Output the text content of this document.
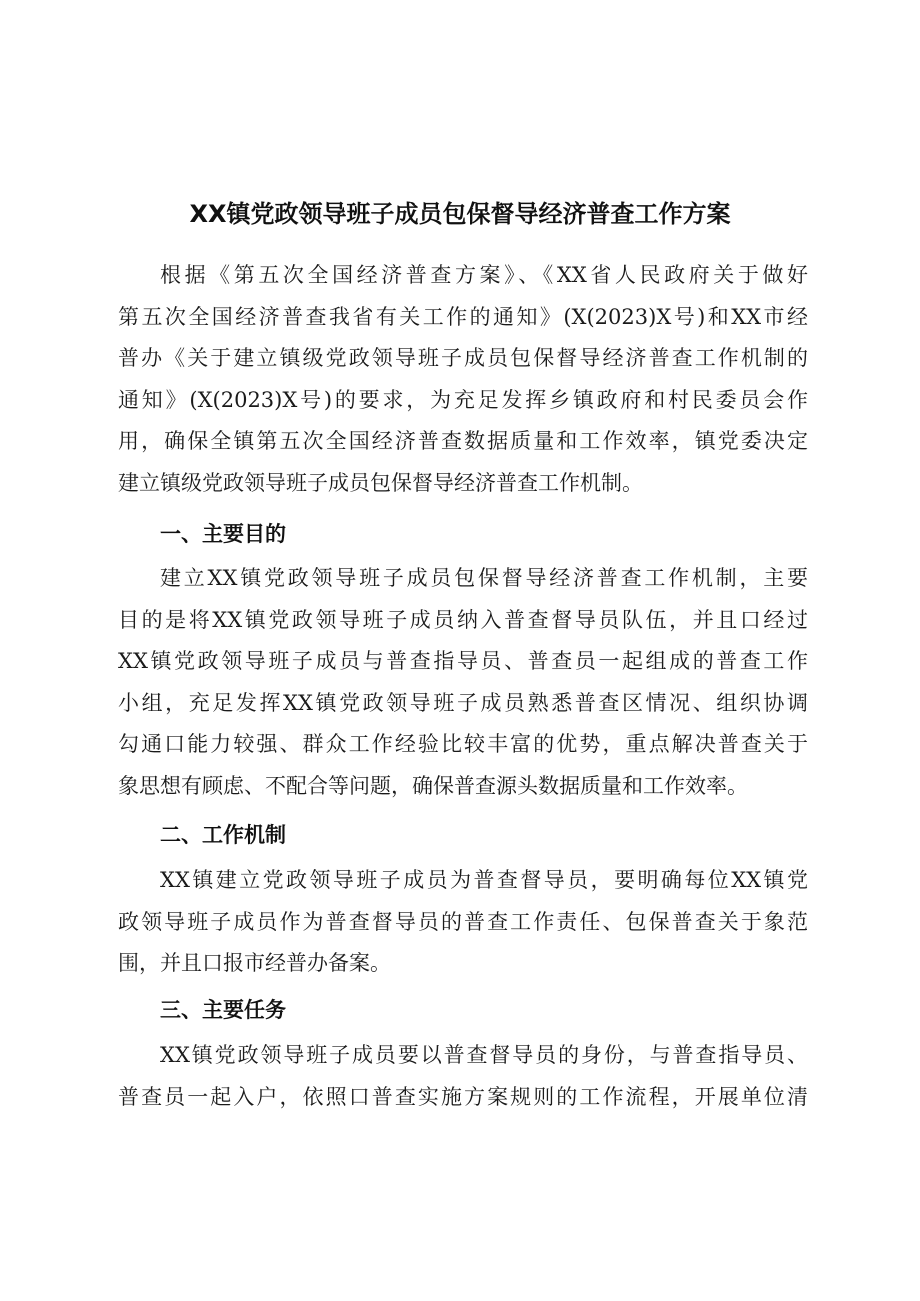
XX镇党政领导班子成员包保督导经济普查工作方案
根据《第五次全国经济普查方案》、《XX省人民政府关于做好
第五次全国经济普查我省有关工作的通知》(X(2023)X号)和XX市经
普办《关于建立镇级党政领导班子成员包保督导经济普查工作机制的
通知》(X(2023)X号)的要求，为充足发挥乡镇政府和村民委员会作
用，确保全镇第五次全国经济普查数据质量和工作效率，镇党委决定
建立镇级党政领导班子成员包保督导经济普查工作机制。
一、主要目的
建立XX镇党政领导班子成员包保督导经济普查工作机制，主要
目的是将XX镇党政领导班子成员纳入普查督导员队伍，并且口经过
XX镇党政领导班子成员与普查指导员、普查员一起组成的普查工作
小组，充足发挥XX镇党政领导班子成员熟悉普查区情况、组织协调
勾通口能力较强、群众工作经验比较丰富的优势，重点解决普查关于
象思想有顾虑、不配合等问题，确保普查源头数据质量和工作效率。
二、工作机制
XX镇建立党政领导班子成员为普查督导员，要明确每位XX镇党
政领导班子成员作为普查督导员的普查工作责任、包保普查关于象范
围，并且口报市经普办备案。
三、主要任务
XX镇党政领导班子成员要以普查督导员的身份，与普查指导员、
普查员一起入户，依照口普查实施方案规则的工作流程，开展单位清
